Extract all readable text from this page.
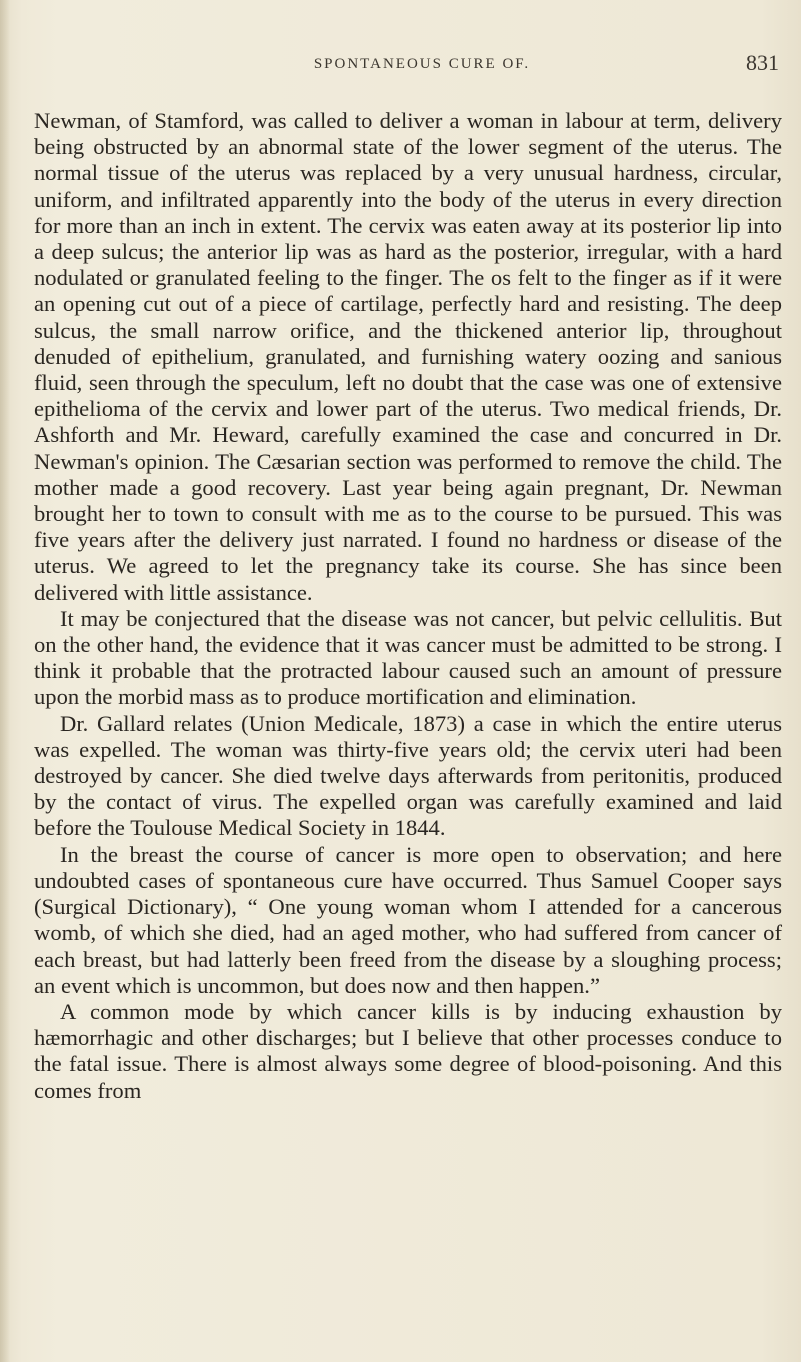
SPONTANEOUS CURE OF.	831

Newman, of Stamford, was called to deliver a woman in labour at term, delivery being obstructed by an abnormal state of the lower segment of the uterus. The normal tissue of the uterus was replaced by a very unusual hardness, circular, uniform, and infiltrated apparently into the body of the uterus in every direction for more than an inch in extent. The cervix was eaten away at its posterior lip into a deep sulcus; the anterior lip was as hard as the posterior, irregular, with a hard nodulated or granulated feeling to the finger. The os felt to the finger as if it were an opening cut out of a piece of cartilage, perfectly hard and resisting. The deep sulcus, the small narrow orifice, and the thickened anterior lip, throughout denuded of epithelium, granulated, and furnishing watery oozing and sanious fluid, seen through the speculum, left no doubt that the case was one of extensive epithelioma of the cervix and lower part of the uterus. Two medical friends, Dr. Ashforth and Mr. Heward, carefully examined the case and concurred in Dr. Newman's opinion. The Cæsarian section was performed to remove the child. The mother made a good recovery. Last year being again pregnant, Dr. Newman brought her to town to consult with me as to the course to be pursued. This was five years after the delivery just narrated. I found no hardness or disease of the uterus. We agreed to let the pregnancy take its course. She has since been delivered with little assistance.

It may be conjectured that the disease was not cancer, but pelvic cellulitis. But on the other hand, the evidence that it was cancer must be admitted to be strong. I think it probable that the protracted labour caused such an amount of pressure upon the morbid mass as to produce mortification and elimination.

Dr. Gallard relates (Union Medicale, 1873) a case in which the entire uterus was expelled. The woman was thirty-five years old; the cervix uteri had been destroyed by cancer. She died twelve days afterwards from peritonitis, produced by the contact of virus. The expelled organ was carefully examined and laid before the Toulouse Medical Society in 1844.

In the breast the course of cancer is more open to observation; and here undoubted cases of spontaneous cure have occurred. Thus Samuel Cooper says (Surgical Dictionary), “ One young woman whom I attended for a cancerous womb, of which she died, had an aged mother, who had suffered from cancer of each breast, but had latterly been freed from the disease by a sloughing process; an event which is uncommon, but does now and then happen.”

A common mode by which cancer kills is by inducing exhaustion by hæmorrhagic and other discharges; but I believe that other processes conduce to the fatal issue. There is almost always some degree of blood-poisoning. And this comes from
